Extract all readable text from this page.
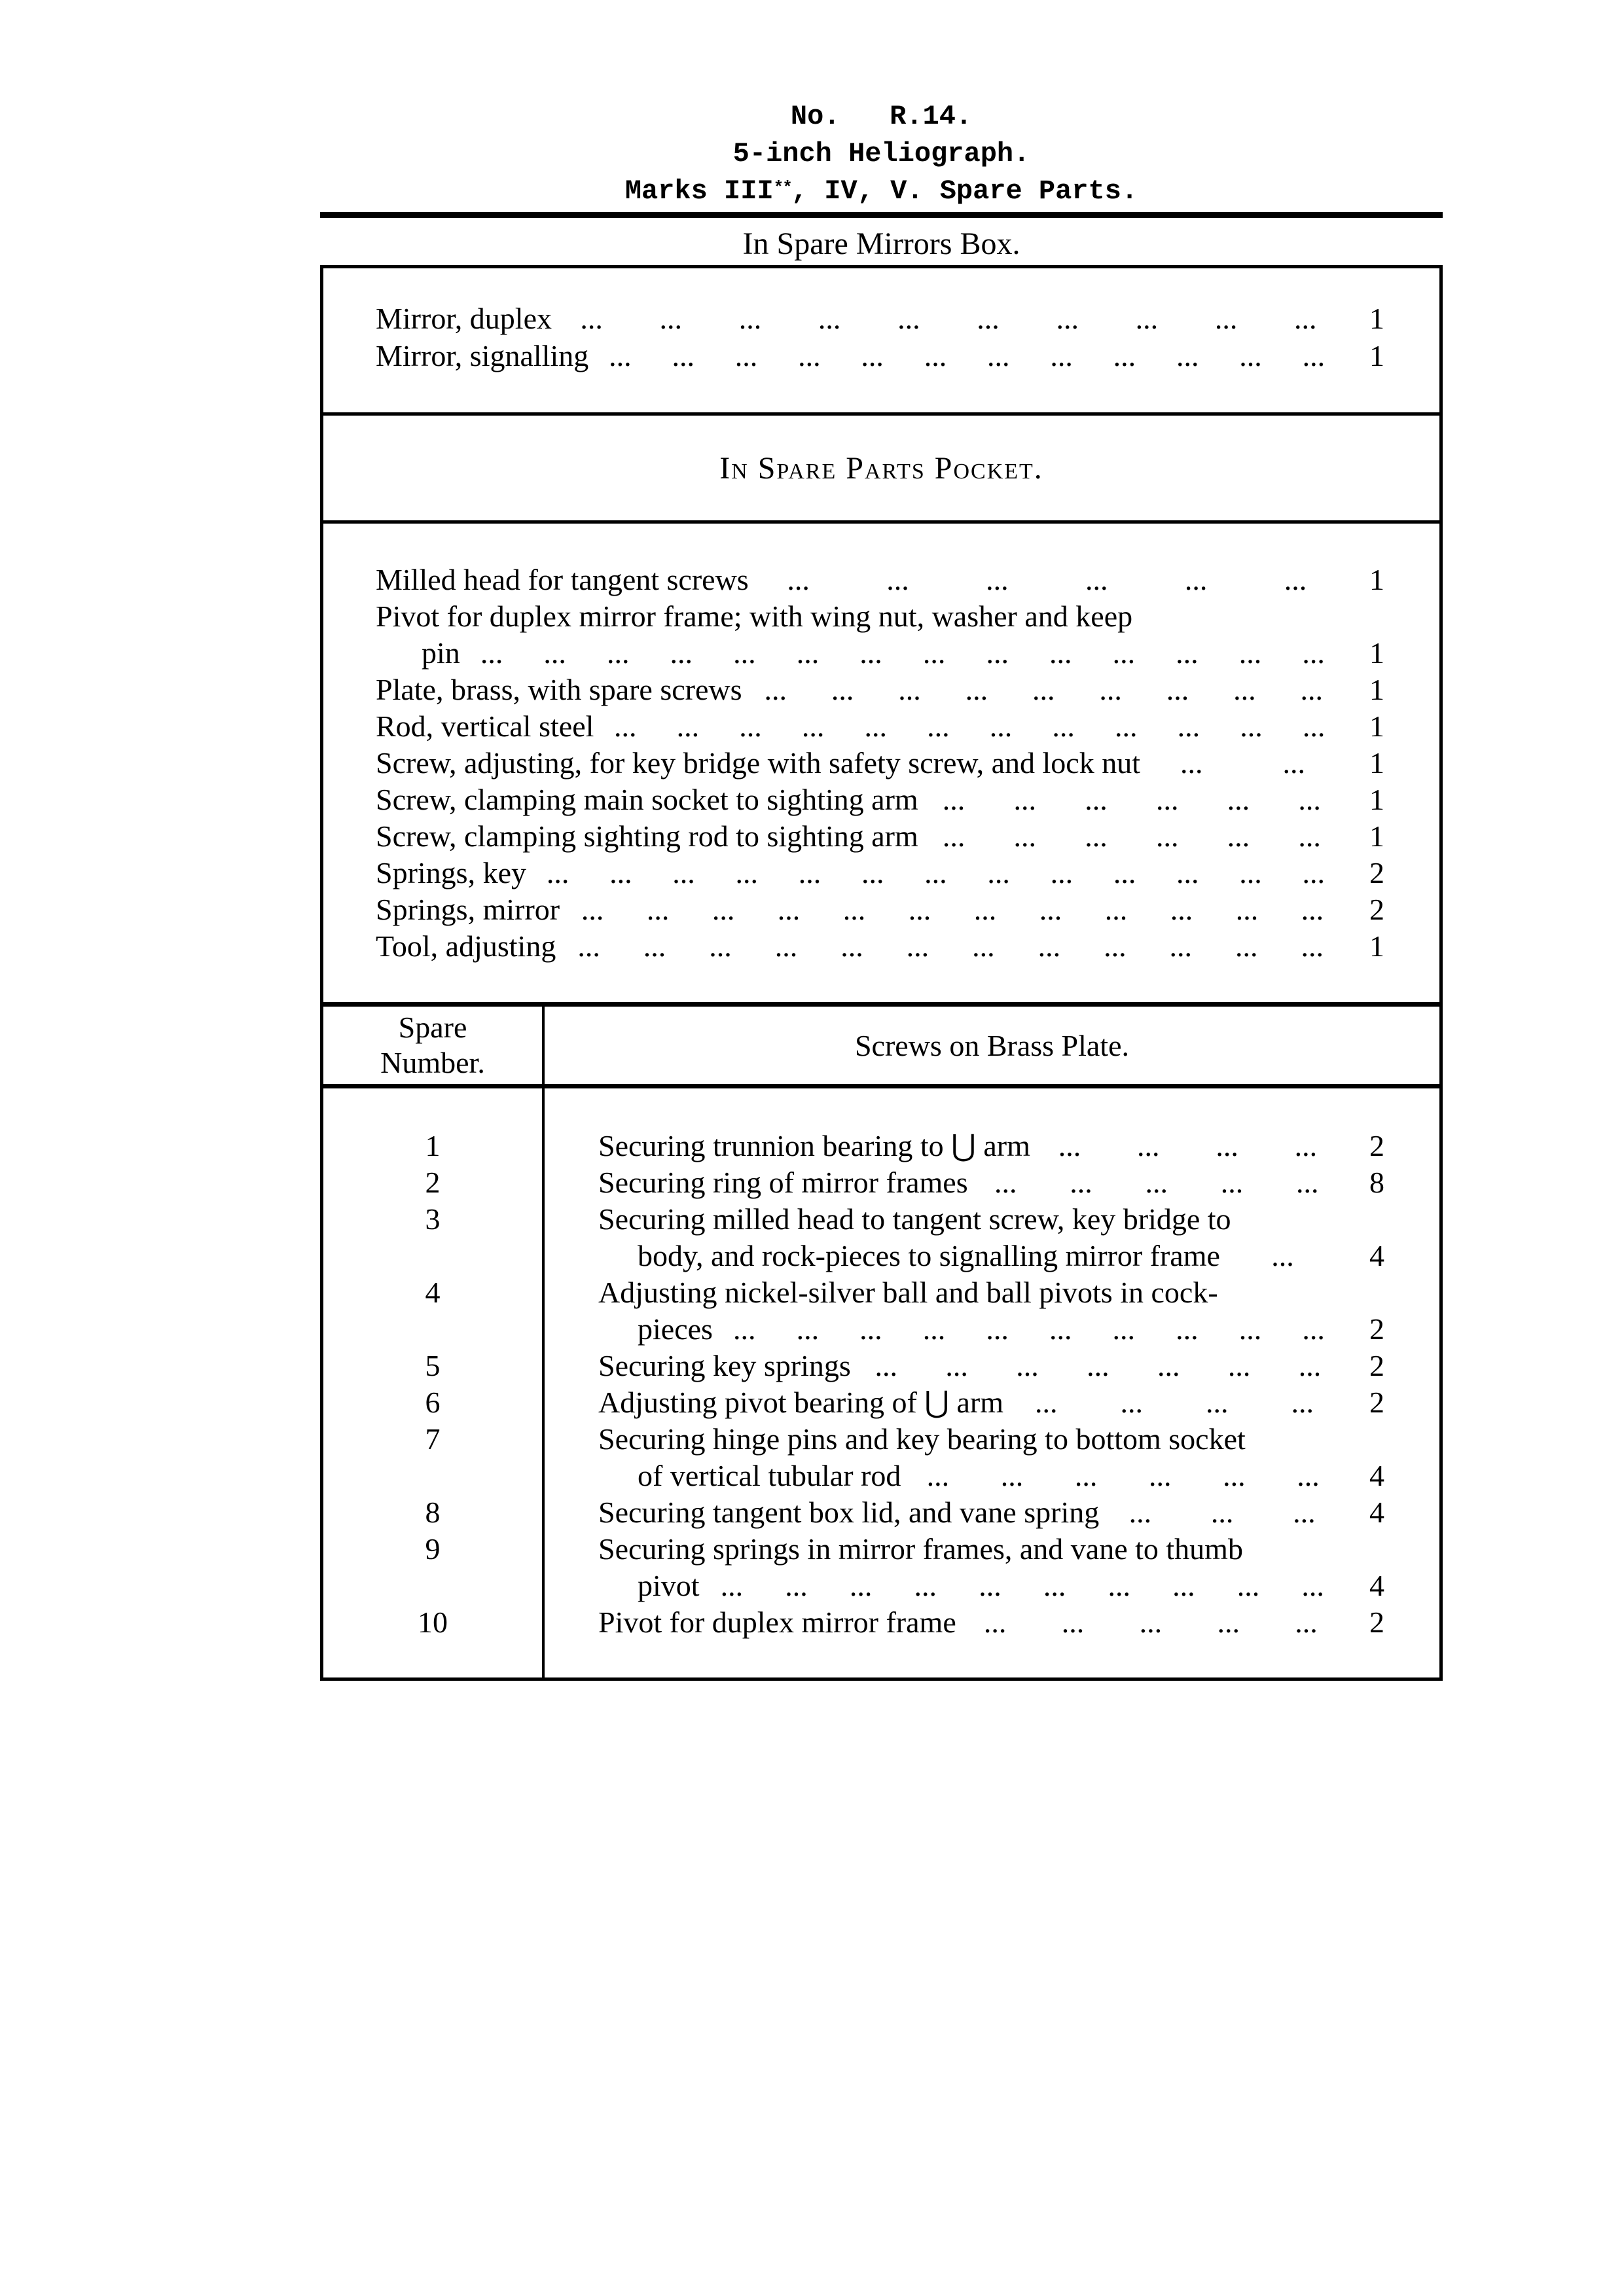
No.   R.14.
5-inch Heliograph.
Marks III**, IV, V. Spare Parts.
In Spare Mirrors Box.
Mirror, duplex ... ... ... ... ... ... ... ... ... ...	1
Mirror, signalling ... ... ... ... ... ... ... ... ... ... ... ...	1
In Spare Parts Pocket.
Milled head for tangent screws ...	...	...	...	...	...	1
Pivot for duplex mirror frame; with wing nut, washer and keep
pin ... ... ... ... ... ... ... ... ... ... ... ... ... ...	1
Plate, brass, with spare screws ... ... ... ... ... ... ... ... ...	1
Rod, vertical steel ... ... ... ... ... ... ... ... ... ... ... ...	1
Screw, adjusting, for key bridge with safety screw, and lock nut ...	...	1
Screw, clamping main socket to sighting arm ... ... ... ... ... ...	1
Screw, clamping sighting rod to sighting arm ... ... ... ... ... ...	1
Springs, key ... ... ... ... ... ... ... ... ... ... ... ... ...	2
Springs, mirror ... ... ... ... ... ... ... ... ... ... ... ...	2
Tool, adjusting ... ... ... ... ... ... ... ... ... ... ... ...	1
Spare
Number.
Screws on Brass Plate.
1	Securing trunnion bearing to ⋃ arm ... ... ... ...	2
2	Securing ring of mirror frames ... ... ... ... ...	8
3	Securing milled head to tangent screw, key bridge to
body, and rock-pieces to signalling mirror frame ...	4
4	Adjusting nickel-silver ball and ball pivots in cock-
pieces ... ... ... ... ... ... ... ... ... ...	2
5	Securing key springs ... ... ... ... ... ... ...	2
6	Adjusting pivot bearing of ⋃ arm ... ... ... ...	2
7	Securing hinge pins and key bearing to bottom socket
of vertical tubular rod ... ... ... ... ... ...	4
8	Securing tangent box lid, and vane spring ... ... ...	4
9	Securing springs in mirror frames, and vane to thumb
pivot ... ... ... ... ... ... ... ... ... ...	4
10	Pivot for duplex mirror frame ... ... ... ... ...	2
